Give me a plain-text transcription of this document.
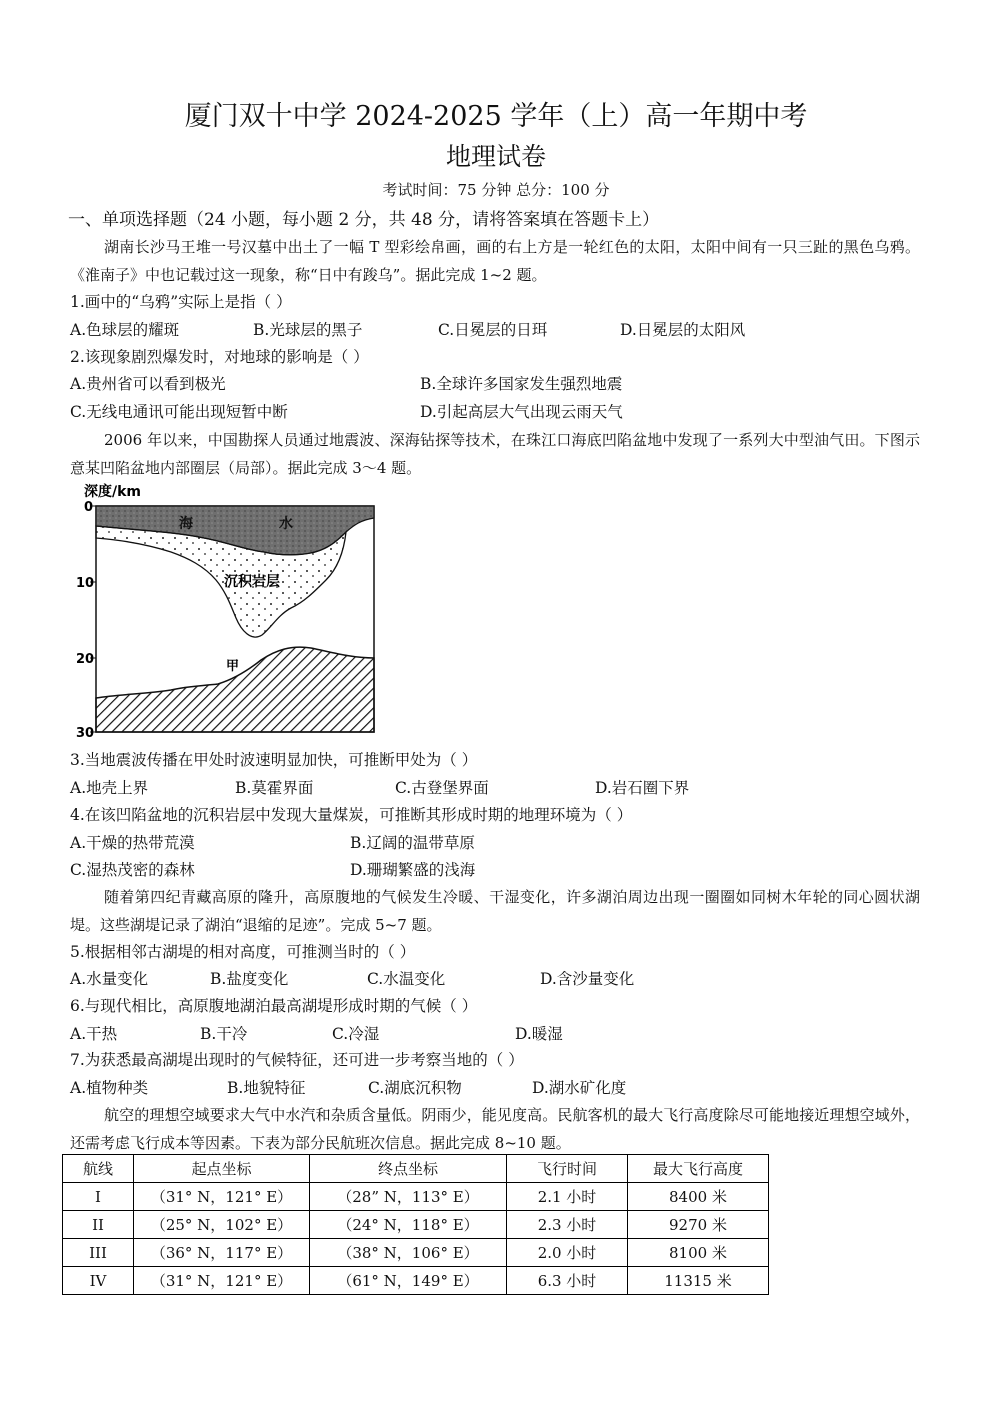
厦门双十中学 2024-2025 学年（上）高一年期中考
地理试卷
考试时间：75 分钟 总分：100 分
一、单项选择题（24 小题，每小题 2 分，共 48 分，请将答案填在答题卡上）
湖南长沙马王堆一号汉墓中出土了一幅 T 型彩绘帛画，画的右上方是一轮红色的太阳，太阳中间有一只三趾的黑色乌鸦。《淮南子》中也记载过这一现象，称“日中有踆乌”。据此完成 1~2 题。
1.画中的“乌鸦”实际上是指（ ）
A.色球层的耀斑	B.光球层的黑子	C.日冕层的日珥	D.日冕层的太阳风
2.该现象剧烈爆发时，对地球的影响是（ ）
A.贵州省可以看到极光	B.全球许多国家发生强烈地震
C.无线电通讯可能出现短暂中断	D.引起高层大气出现云雨天气
2006 年以来，中国勘探人员通过地震波、深海钻探等技术，在珠江口海底凹陷盆地中发现了一系列大中型油气田。下图示意某凹陷盆地内部圈层（局部）。据此完成 3～4 题。
深度/km
0
10
20
30
海	水
沉积岩层
甲
3.当地震波传播在甲处时波速明显加快，可推断甲处为（ ）
A.地壳上界	B.莫霍界面	C.古登堡界面	D.岩石圈下界
4.在该凹陷盆地的沉积岩层中发现大量煤炭，可推断其形成时期的地理环境为（ ）
A.干燥的热带荒漠	B.辽阔的温带草原
C.湿热茂密的森林	D.珊瑚繁盛的浅海
随着第四纪青藏高原的隆升，高原腹地的气候发生冷暖、干湿变化，许多湖泊周边出现一圈圈如同树木年轮的同心圆状湖堤。这些湖堤记录了湖泊“退缩的足迹”。完成 5~7 题。
5.根据相邻古湖堤的相对高度，可推测当时的（ ）
A.水量变化	B.盐度变化	C.水温变化	D.含沙量变化
6.与现代相比，高原腹地湖泊最高湖堤形成时期的气候（ ）
A.干热	B.干冷	C.冷湿	D.暖湿
7.为获悉最高湖堤出现时的气候特征，还可进一步考察当地的（ ）
A.植物种类	B.地貌特征	C.湖底沉积物	D.湖水矿化度
航空的理想空域要求大气中水汽和杂质含量低。阴雨少，能见度高。民航客机的最大飞行高度除尽可能地接近理想空域外，还需考虑飞行成本等因素。下表为部分民航班次信息。据此完成 8~10 题。
航线	起点坐标	终点坐标	飞行时间	最大飞行高度
I	（31° N，121° E）	（28” N，113° E）	2.1 小时	8400 米
II	（25° N，102° E）	（24° N，118° E）	2.3 小时	9270 米
III	（36° N，117° E）	（38° N，106° E）	2.0 小时	8100 米
IV	（31° N，121° E）	（61° N，149° E）	6.3 小时	11315 米
